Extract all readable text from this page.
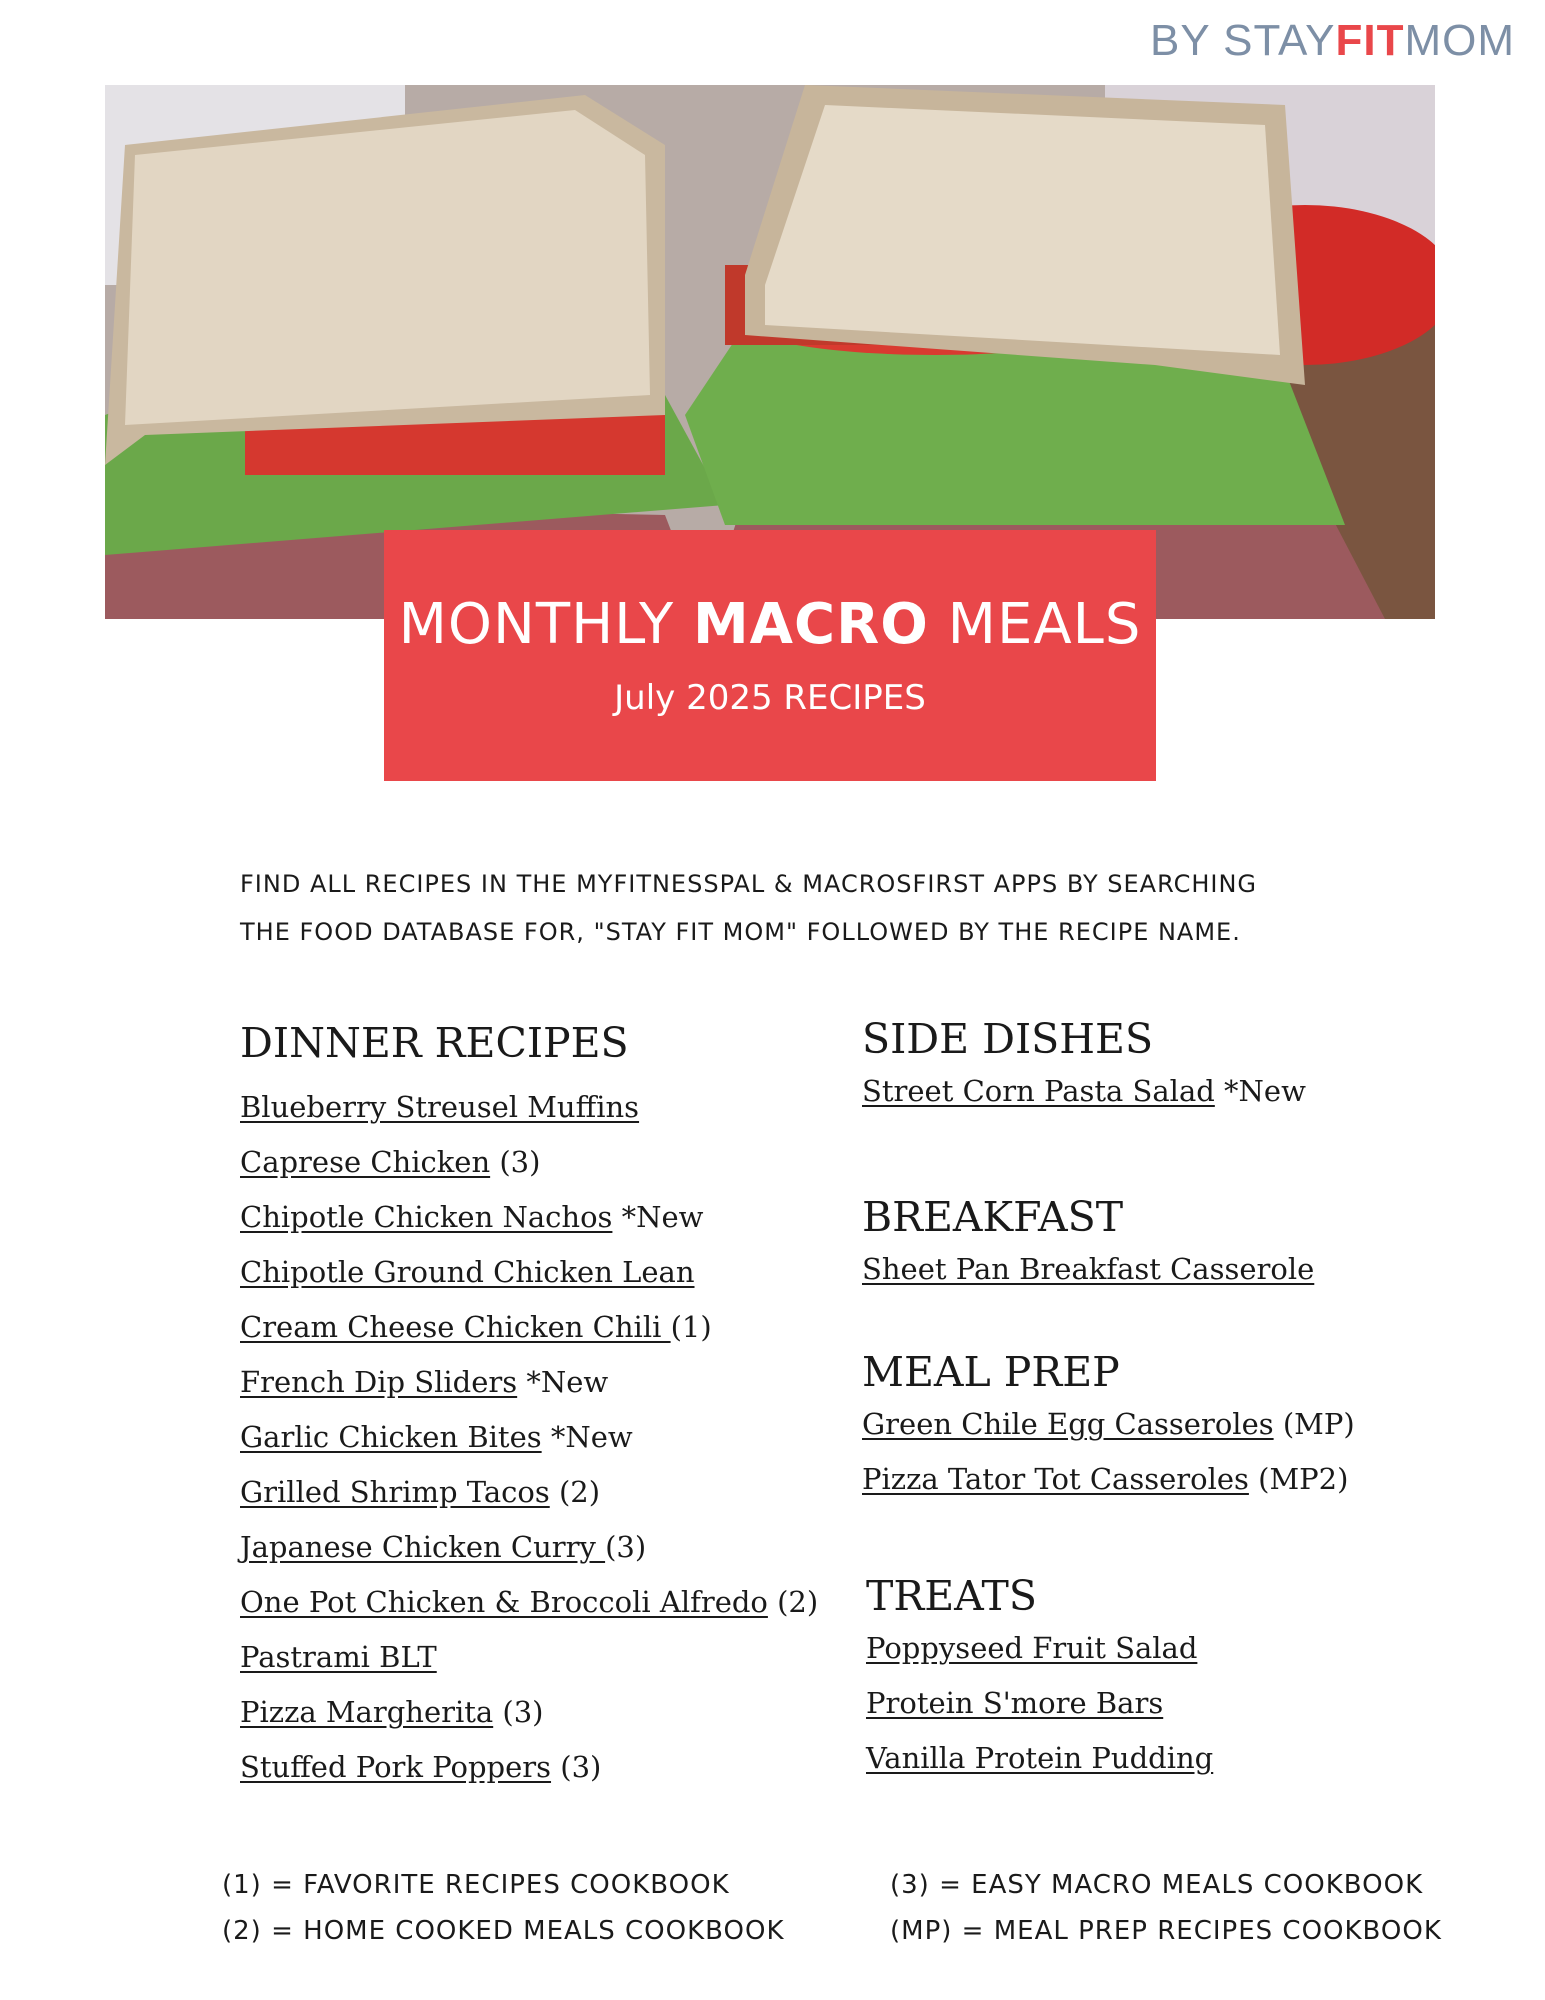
BY STAYFITMOM
MONTHLY MACRO MEALS
July 2025 RECIPES
FIND ALL RECIPES IN THE MYFITNESSPAL & MACROSFIRST APPS BY SEARCHING
THE FOOD DATABASE FOR, "STAY FIT MOM" FOLLOWED BY THE RECIPE NAME.
DINNER RECIPES
Blueberry Streusel Muffins
Caprese Chicken (3)
Chipotle Chicken Nachos *New
Chipotle Ground Chicken Lean
Cream Cheese Chicken Chili (1)
French Dip Sliders *New
Garlic Chicken Bites *New
Grilled Shrimp Tacos (2)
Japanese Chicken Curry (3)
One Pot Chicken & Broccoli Alfredo (2)
Pastrami BLT
Pizza Margherita (3)
Stuffed Pork Poppers (3)
SIDE DISHES
Street Corn Pasta Salad *New
BREAKFAST
Sheet Pan Breakfast Casserole
MEAL PREP
Green Chile Egg Casseroles (MP)
Pizza Tator Tot Casseroles (MP2)
TREATS
Poppyseed Fruit Salad
Protein S'more Bars
Vanilla Protein Pudding
(1) = FAVORITE RECIPES COOKBOOK
(2) = HOME COOKED MEALS COOKBOOK
(3) = EASY MACRO MEALS COOKBOOK
(MP) = MEAL PREP RECIPES COOKBOOK
